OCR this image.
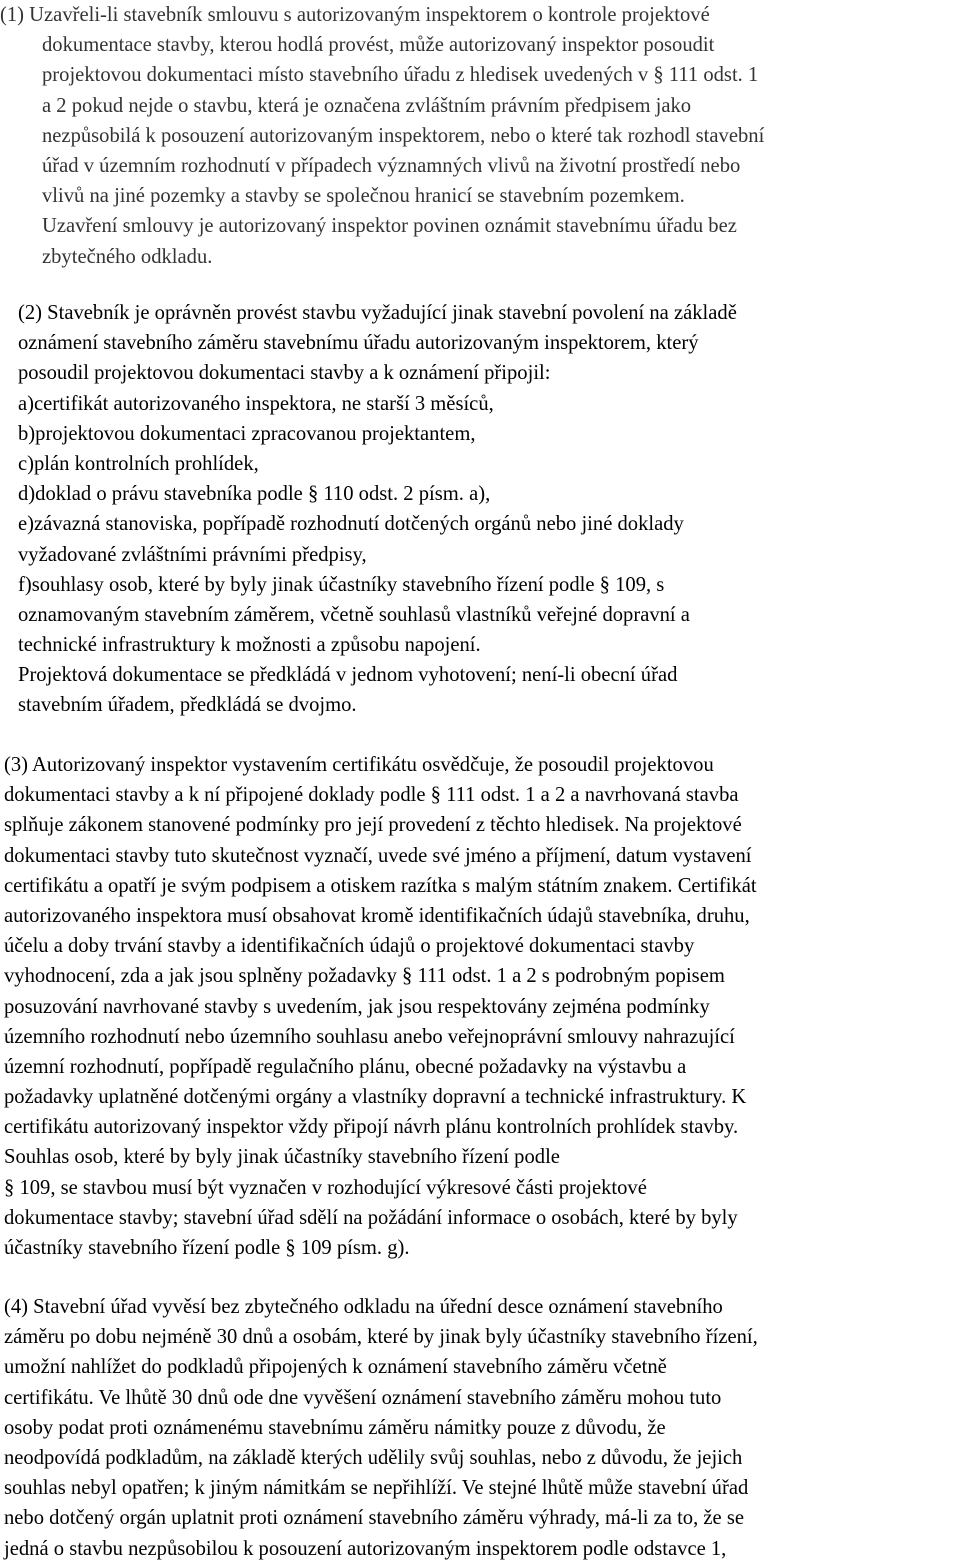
(1) Uzavřeli-li stavebník smlouvu s autorizovaným inspektorem o kontrole projektové
dokumentace stavby, kterou hodlá provést, může autorizovaný inspektor posoudit
projektovou dokumentaci místo stavebního úřadu z hledisek uvedených v § 111 odst. 1
a 2 pokud nejde o stavbu, která je označena zvláštním právním předpisem jako
nezpůsobilá k posouzení autorizovaným inspektorem, nebo o které tak rozhodl stavební
úřad v územním rozhodnutí v případech významných vlivů na životní prostředí nebo
vlivů na jiné pozemky a stavby se společnou hranicí se stavebním pozemkem.
Uzavření smlouvy je autorizovaný inspektor povinen oznámit stavebnímu úřadu bez
zbytečného odkladu.
(2) Stavebník je oprávněn provést stavbu vyžadující jinak stavební povolení na základě
oznámení stavebního záměru stavebnímu úřadu autorizovaným inspektorem, který
posoudil projektovou dokumentaci stavby a k oznámení připojil:
a)certifikát autorizovaného inspektora, ne starší 3 měsíců,
b)projektovou dokumentaci zpracovanou projektantem,
c)plán kontrolních prohlídek,
d)doklad o právu stavebníka podle § 110 odst. 2 písm. a),
e)závazná stanoviska, popřípadě rozhodnutí dotčených orgánů nebo jiné doklady
vyžadované zvláštními právními předpisy,
f)souhlasy osob, které by byly jinak účastníky stavebního řízení podle § 109, s
oznamovaným stavebním záměrem, včetně souhlasů vlastníků veřejné dopravní a
technické infrastruktury k možnosti a způsobu napojení.
Projektová dokumentace se předkládá v jednom vyhotovení; není-li obecní úřad
stavebním úřadem, předkládá se dvojmo.
(3) Autorizovaný inspektor vystavením certifikátu osvědčuje, že posoudil projektovou
dokumentaci stavby a k ní připojené doklady podle § 111 odst. 1 a 2 a navrhovaná stavba
splňuje zákonem stanovené podmínky pro její provedení z těchto hledisek. Na projektové
dokumentaci stavby tuto skutečnost vyznačí, uvede své jméno a příjmení, datum vystavení
certifikátu a opatří je svým podpisem a otiskem razítka s malým státním znakem. Certifikát
autorizovaného inspektora musí obsahovat kromě identifikačních údajů stavebníka, druhu,
účelu a doby trvání stavby a identifikačních údajů o projektové dokumentaci stavby
vyhodnocení, zda a jak jsou splněny požadavky § 111 odst. 1 a 2 s podrobným popisem
posuzování navrhované stavby s uvedením, jak jsou respektovány zejména podmínky
územního rozhodnutí nebo územního souhlasu anebo veřejnoprávní smlouvy nahrazující
územní rozhodnutí, popřípadě regulačního plánu, obecné požadavky na výstavbu a
požadavky uplatněné dotčenými orgány a vlastníky dopravní a technické infrastruktury. K
certifikátu autorizovaný inspektor vždy připojí návrh plánu kontrolních prohlídek stavby.
Souhlas osob, které by byly jinak účastníky stavebního řízení podle
§ 109, se stavbou musí být vyznačen v rozhodující výkresové části projektové
dokumentace stavby; stavební úřad sdělí na požádání informace o osobách, které by byly
účastníky stavebního řízení podle § 109 písm. g).
(4) Stavební úřad vyvěsí bez zbytečného odkladu na úřední desce oznámení stavebního
záměru po dobu nejméně 30 dnů a osobám, které by jinak byly účastníky stavebního řízení,
umožní nahlížet do podkladů připojených k oznámení stavebního záměru včetně
certifikátu. Ve lhůtě 30 dnů ode dne vyvěšení oznámení stavebního záměru mohou tuto
osoby podat proti oznámenému stavebnímu záměru námitky pouze z důvodu, že
neodpovídá podkladům, na základě kterých udělily svůj souhlas, nebo z důvodu, že jejich
souhlas nebyl opatřen; k jiným námitkám se nepřihlíží. Ve stejné lhůtě může stavební úřad
nebo dotčený orgán uplatnit proti oznámení stavebního záměru výhrady, má-li za to, že se
jedná o stavbu nezpůsobilou k posouzení autorizovaným inspektorem podle odstavce 1,
